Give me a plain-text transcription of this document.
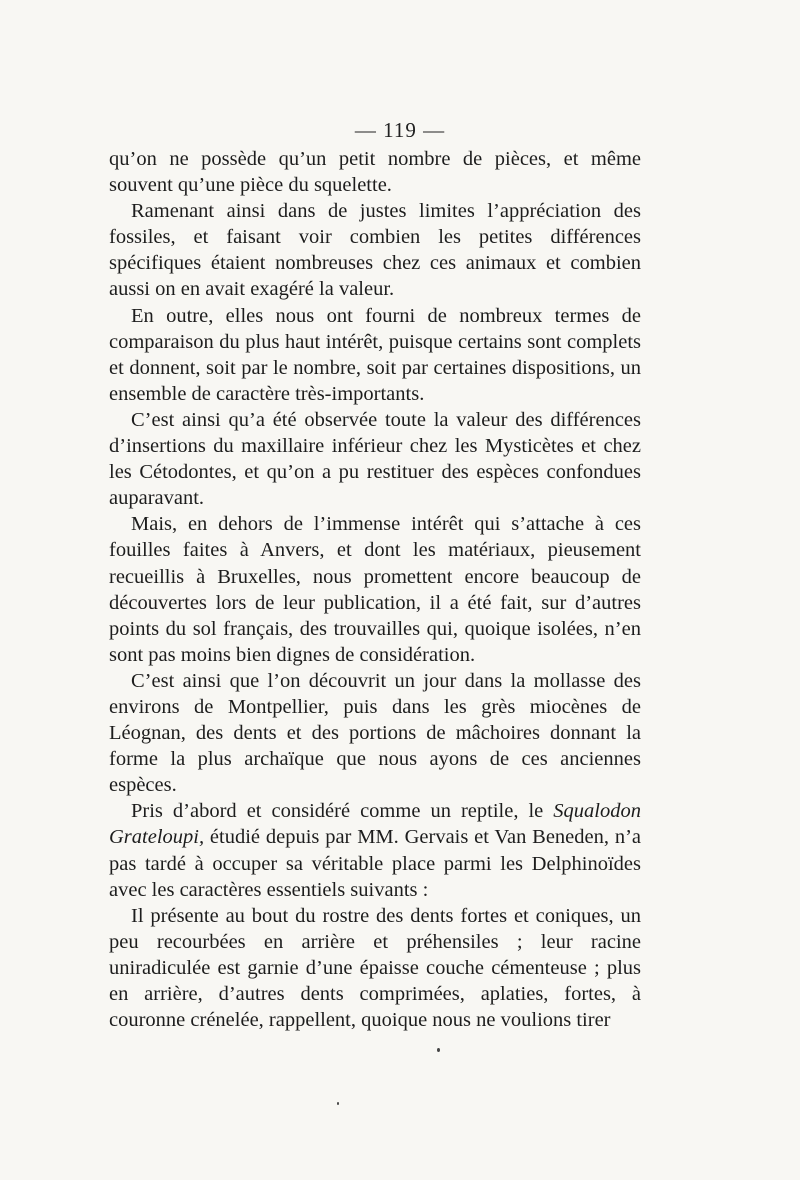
— 119 —

qu’on ne possède qu’un petit nombre de pièces, et même souvent qu’une pièce du squelette.

Ramenant ainsi dans de justes limites l’appréciation des fossiles, et faisant voir combien les petites différences spécifiques étaient nombreuses chez ces animaux et combien aussi on en avait exagéré la valeur.

En outre, elles nous ont fourni de nombreux termes de comparaison du plus haut intérêt, puisque certains sont complets et donnent, soit par le nombre, soit par certaines dispositions, un ensemble de caractère très-importants.

C’est ainsi qu’a été observée toute la valeur des différences d’insertions du maxillaire inférieur chez les Mysticètes et chez les Cétodontes, et qu’on a pu restituer des espèces confondues auparavant.

Mais, en dehors de l’immense intérêt qui s’attache à ces fouilles faites à Anvers, et dont les matériaux, pieusement recueillis à Bruxelles, nous promettent encore beaucoup de découvertes lors de leur publication, il a été fait, sur d’autres points du sol français, des trouvailles qui, quoique isolées, n’en sont pas moins bien dignes de considération.

C’est ainsi que l’on découvrit un jour dans la mollasse des environs de Montpellier, puis dans les grès miocènes de Léognan, des dents et des portions de mâchoires donnant la forme la plus archaïque que nous ayons de ces anciennes espèces.

Pris d’abord et considéré comme un reptile, le Squalodon Grateloupi, étudié depuis par MM. Gervais et Van Beneden, n’a pas tardé à occuper sa véritable place parmi les Delphinoïdes avec les caractères essentiels suivants :

Il présente au bout du rostre des dents fortes et coniques, un peu recourbées en arrière et préhensiles ; leur racine uniradiculée est garnie d’une épaisse couche cémenteuse ; plus en arrière, d’autres dents comprimées, aplaties, fortes, à couronne crénelée, rappellent, quoique nous ne voulions tirer
